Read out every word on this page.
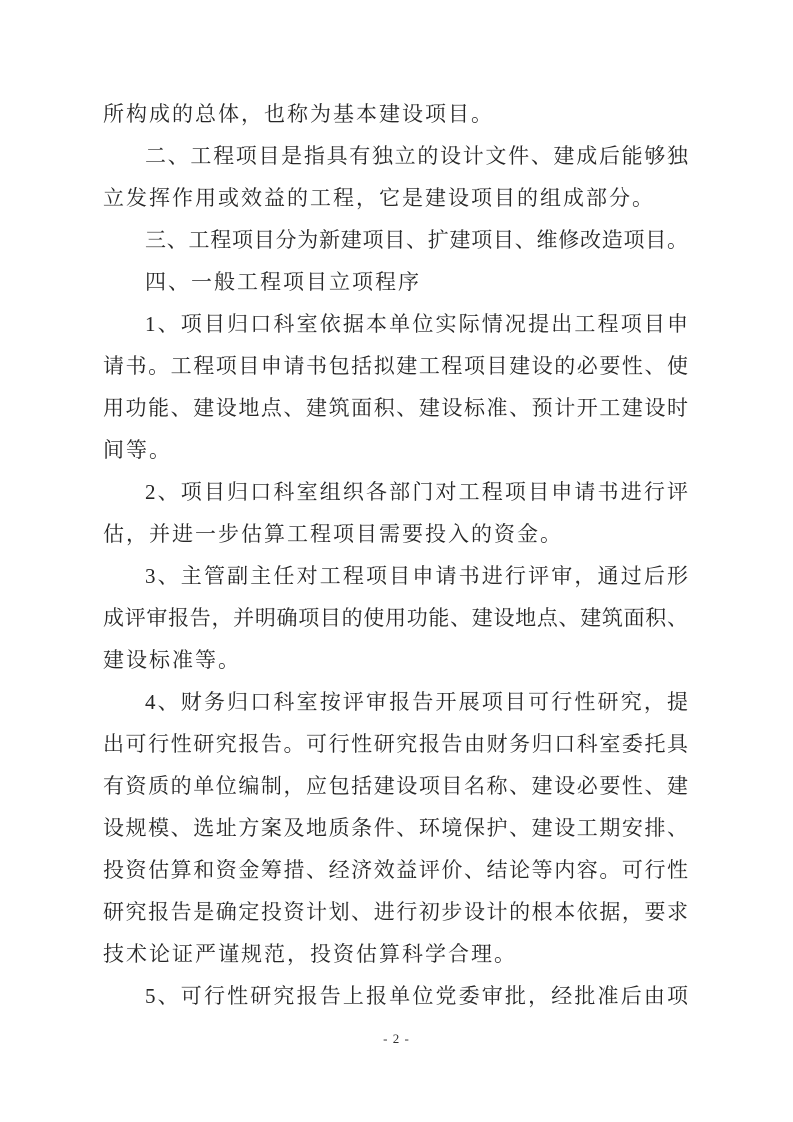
所构成的总体，也称为基本建设项目。
二、工程项目是指具有独立的设计文件、建成后能够独
立发挥作用或效益的工程，它是建设项目的组成部分。
三、工程项目分为新建项目、扩建项目、维修改造项目。
四、一般工程项目立项程序
1、项目归口科室依据本单位实际情况提出工程项目申
请书。工程项目申请书包括拟建工程项目建设的必要性、使
用功能、建设地点、建筑面积、建设标准、预计开工建设时
间等。
2、项目归口科室组织各部门对工程项目申请书进行评
估，并进一步估算工程项目需要投入的资金。
3、主管副主任对工程项目申请书进行评审，通过后形
成评审报告，并明确项目的使用功能、建设地点、建筑面积、
建设标准等。
4、财务归口科室按评审报告开展项目可行性研究，提
出可行性研究报告。可行性研究报告由财务归口科室委托具
有资质的单位编制，应包括建设项目名称、建设必要性、建
设规模、选址方案及地质条件、环境保护、建设工期安排、
投资估算和资金筹措、经济效益评价、结论等内容。可行性
研究报告是确定投资计划、进行初步设计的根本依据，要求
技术论证严谨规范，投资估算科学合理。
5、可行性研究报告上报单位党委审批，经批准后由项
- 2 -
